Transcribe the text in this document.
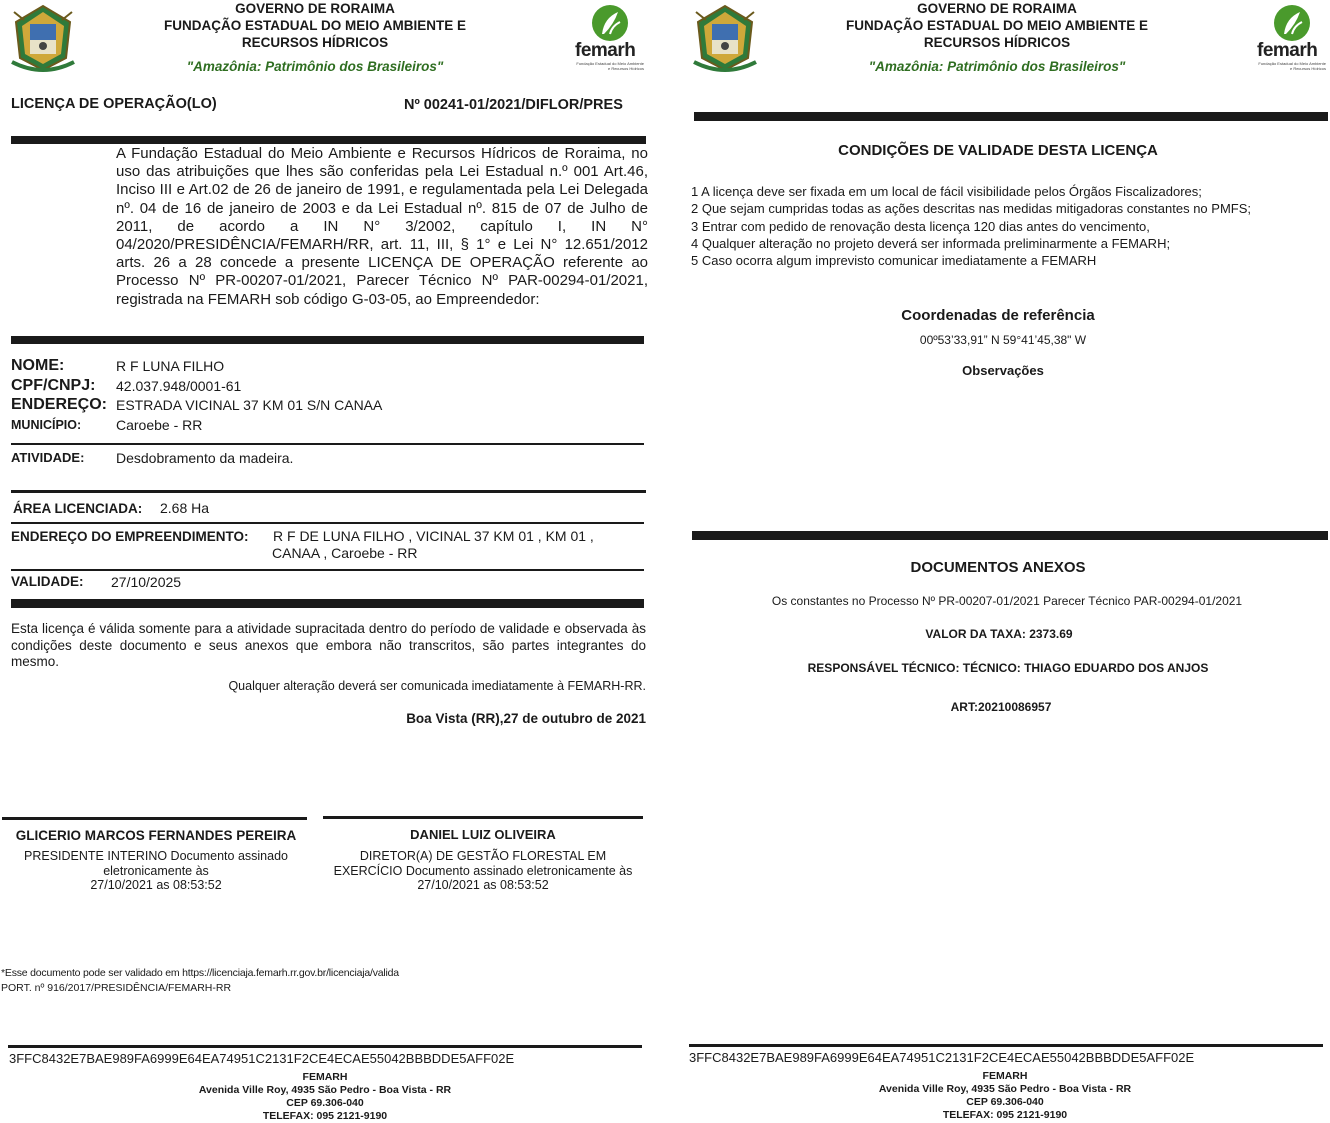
GOVERNO DE RORAIMA
FUNDAÇÃO ESTADUAL DO MEIO AMBIENTE E
RECURSOS HÍDRICOS
"Amazônia: Patrimônio dos Brasileiros"
femarh
Fundação Estadual do Meio Ambiente
e Recursos Hídricos
LICENÇA DE OPERAÇÃO(LO)	Nº 00241-01/2021/DIFLOR/PRES
A Fundação Estadual do Meio Ambiente e Recursos Hídricos de Roraima, no uso das atribuições que lhes são conferidas pela Lei Estadual n.º 001 Art.46, Inciso III e Art.02 de 26 de janeiro de 1991, e regulamentada pela Lei Delegada nº. 04 de 16 de janeiro de 2003 e da Lei Estadual nº. 815 de 07 de Julho de 2011, de acordo a IN N° 3/2002, capítulo I, IN N° 04/2020/PRESIDÊNCIA/FEMARH/RR, art. 11, III, § 1° e Lei N° 12.651/2012 arts. 26 a 28 concede a presente LICENÇA DE OPERAÇÃO referente ao Processo Nº PR-00207-01/2021, Parecer Técnico Nº PAR-00294-01/2021, registrada na FEMARH sob código G-03-05, ao Empreendedor:
NOME:	R F LUNA FILHO
CPF/CNPJ: 42.037.948/0001-61
ENDEREÇO: ESTRADA VICINAL 37 KM 01 S/N CANAA
MUNICÍPIO: Caroebe - RR
ATIVIDADE: Desdobramento da madeira.
ÁREA LICENCIADA: 2.68 Ha
ENDEREÇO DO EMPREENDIMENTO: R F DE LUNA FILHO , VICINAL 37 KM 01 , KM 01 ,
CANAA , Caroebe - RR
VALIDADE: 27/10/2025
Esta licença é válida somente para a atividade supracitada dentro do período de validade e observada às condições deste documento e seus anexos que embora não transcritos, são partes integrantes do mesmo.
Qualquer alteração deverá ser comunicada imediatamente à FEMARH-RR.
Boa Vista (RR),27 de outubro de 2021
GLICERIO MARCOS FERNANDES PEREIRA
PRESIDENTE INTERINO Documento assinado
eletronicamente às
27/10/2021 as 08:53:52
DANIEL LUIZ OLIVEIRA
DIRETOR(A) DE GESTÃO FLORESTAL EM
EXERCÍCIO Documento assinado eletronicamente às
27/10/2021 as 08:53:52
*Esse documento pode ser validado em https://licenciaja.femarh.rr.gov.br/licenciaja/valida
PORT. nº 916/2017/PRESIDÊNCIA/FEMARH-RR
3FFC8432E7BAE989FA6999E64EA74951C2131F2CE4ECAE55042BBBDDE5AFF02E
FEMARH
Avenida Ville Roy, 4935 São Pedro - Boa Vista - RR
CEP 69.306-040
TELEFAX: 095 2121-9190
GOVERNO DE RORAIMA
FUNDAÇÃO ESTADUAL DO MEIO AMBIENTE E
RECURSOS HÍDRICOS
"Amazônia: Patrimônio dos Brasileiros"
femarh
Fundação Estadual do Meio Ambiente
e Recursos Hídricos
CONDIÇÕES DE VALIDADE DESTA LICENÇA
1 A licença deve ser fixada em um local de fácil visibilidade pelos Órgãos Fiscalizadores;
2 Que sejam cumpridas todas as ações descritas nas medidas mitigadoras constantes no PMFS;
3 Entrar com pedido de renovação desta licença 120 dias antes do vencimento,
4 Qualquer alteração no projeto deverá ser informada preliminarmente a FEMARH;
5 Caso ocorra algum imprevisto comunicar imediatamente a FEMARH
Coordenadas de referência
00º53’33,91” N 59°41’45,38" W
Observações
DOCUMENTOS ANEXOS
Os constantes no Processo Nº PR-00207-01/2021 Parecer Técnico PAR-00294-01/2021
VALOR DA TAXA: 2373.69
RESPONSÁVEL TÉCNICO: TÉCNICO: THIAGO EDUARDO DOS ANJOS
ART:20210086957
3FFC8432E7BAE989FA6999E64EA74951C2131F2CE4ECAE55042BBBDDE5AFF02E
FEMARH
Avenida Ville Roy, 4935 São Pedro - Boa Vista - RR
CEP 69.306-040
TELEFAX: 095 2121-9190
